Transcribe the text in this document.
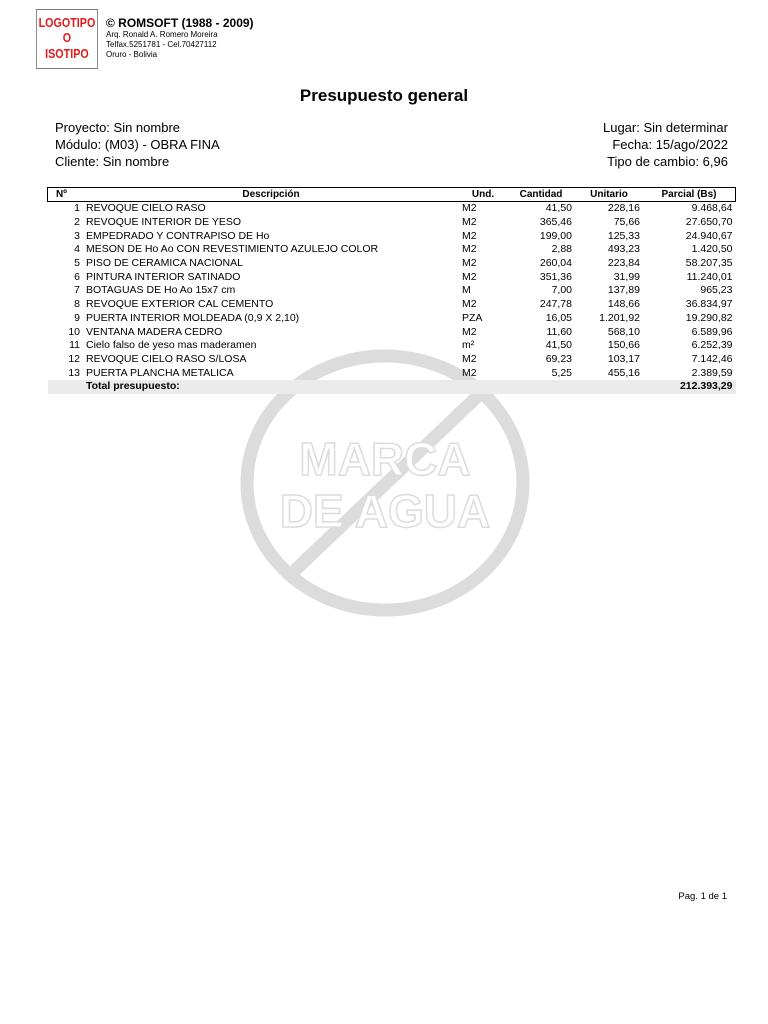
LOGOTIPO
O
ISOTIPO
© ROMSOFT (1988 - 2009)
Arq. Ronald A. Romero Moreira
Telfax.5251781 - Cel.70427112
Oruro - Bolivia
Presupuesto general
Proyecto: Sin nombre
Módulo: (M03) - OBRA FINA
Cliente: Sin nombre
Lugar: Sin determinar
Fecha: 15/ago/2022
Tipo de cambio: 6,96
MARCA
DE AGUA
Nº	Descripción	Und.	Cantidad	Unitario	Parcial (Bs)
1	REVOQUE CIELO RASO	M2	41,50	228,16	9.468,64
2	REVOQUE INTERIOR DE YESO	M2	365,46	75,66	27.650,70
3	EMPEDRADO Y CONTRAPISO DE Ho	M2	199,00	125,33	24.940,67
4	MESON DE Ho Ao CON REVESTIMIENTO AZULEJO COLOR	M2	2,88	493,23	1.420,50
5	PISO DE CERAMICA NACIONAL	M2	260,04	223,84	58.207,35
6	PINTURA INTERIOR SATINADO	M2	351,36	31,99	11.240,01
7	BOTAGUAS DE Ho Ao 15x7 cm	M	7,00	137,89	965,23
8	REVOQUE EXTERIOR CAL CEMENTO	M2	247,78	148,66	36.834,97
9	PUERTA INTERIOR MOLDEADA (0,9 X 2,10)	PZA	16,05	1.201,92	19.290,82
10	VENTANA MADERA CEDRO	M2	11,60	568,10	6.589,96
11	Cielo falso de yeso mas maderamen	m²	41,50	150,66	6.252,39
12	REVOQUE CIELO RASO S/LOSA	M2	69,23	103,17	7.142,46
13	PUERTA PLANCHA METALICA	M2	5,25	455,16	2.389,59
	Total presupuesto:				212.393,29
Pag. 1 de 1
